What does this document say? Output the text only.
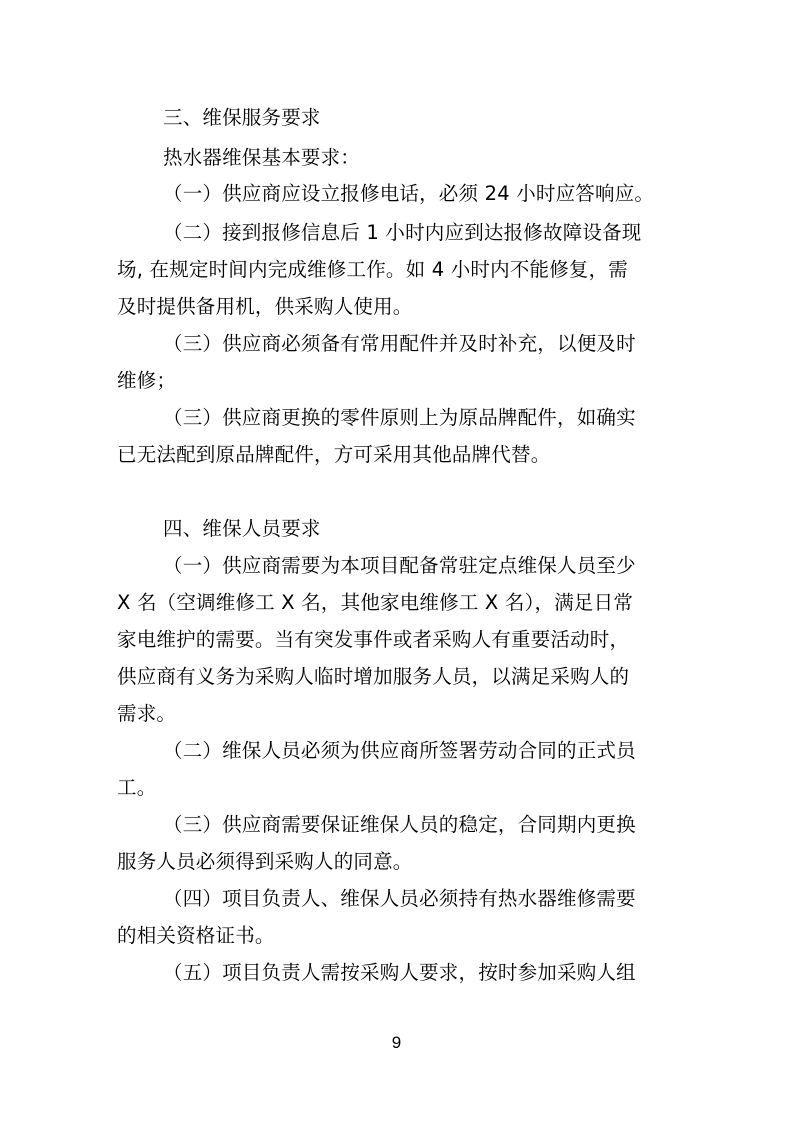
三、维保服务要求
热水器维保基本要求：
（一）供应商应设立报修电话，必须 24 小时应答响应。
（二）接到报修信息后 1 小时内应到达报修故障设备现
场, 在规定时间内完成维修工作。如 4 小时内不能修复，需
及时提供备用机，供采购人使用。
（三）供应商必须备有常用配件并及时补充，以便及时
维修；
（三）供应商更换的零件原则上为原品牌配件，如确实
已无法配到原品牌配件，方可采用其他品牌代替。
四、维保人员要求
（一）供应商需要为本项目配备常驻定点维保人员至少
X 名（空调维修工 X 名，其他家电维修工 X 名），满足日常
家电维护的需要。当有突发事件或者采购人有重要活动时，
供应商有义务为采购人临时增加服务人员，以满足采购人的
需求。
（二）维保人员必须为供应商所签署劳动合同的正式员
工。
（三）供应商需要保证维保人员的稳定，合同期内更换
服务人员必须得到采购人的同意。
（四）项目负责人、维保人员必须持有热水器维修需要
的相关资格证书。
（五）项目负责人需按采购人要求，按时参加采购人组
9
